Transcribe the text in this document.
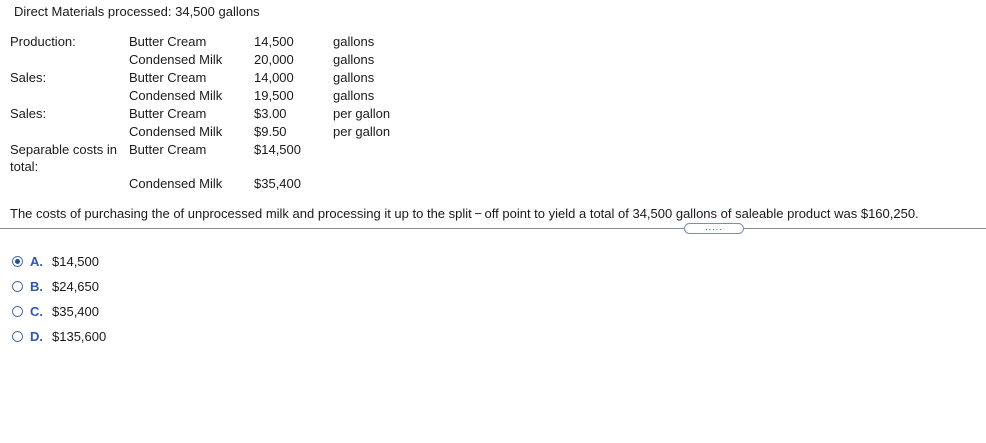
Direct Materials processed: 34,500 gallons
Production:	Butter Cream	14,500	gallons
	Condensed Milk	20,000	gallons
Sales:	Butter Cream	14,000	gallons
	Condensed Milk	19,500	gallons
Sales:	Butter Cream	$3.00	per gallon
	Condensed Milk	$9.50	per gallon
Separable costs in total:	Butter Cream	$14,500	
	Condensed Milk	$35,400	
The costs of purchasing the of unprocessed milk and processing it up to the split − off point to yield a total of 34,500 gallons of saleable product was $160,250.
.....
A. $14,500
B. $24,650
C. $35,400
D. $135,600
